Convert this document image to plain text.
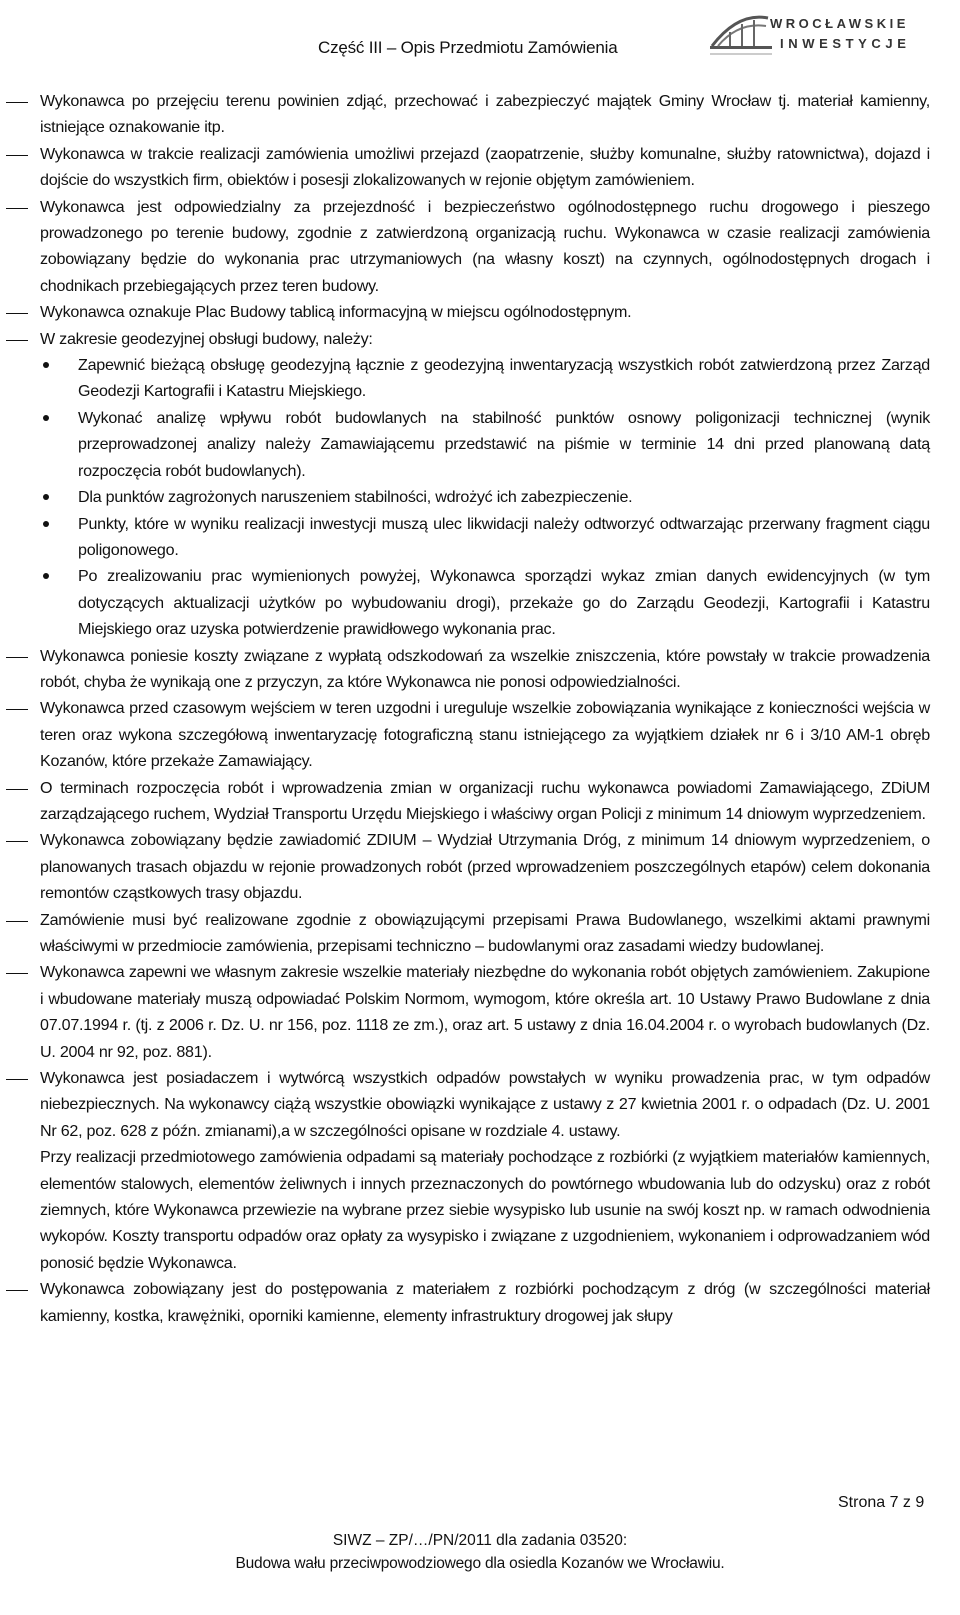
Część III – Opis Przedmiotu Zamówienia
WROCŁAWSKIE
INWESTYCJE
Wykonawca po przejęciu terenu powinien zdjąć, przechować i zabezpieczyć majątek Gminy Wrocław tj. materiał kamienny, istniejące oznakowanie itp.
Wykonawca w trakcie realizacji zamówienia umożliwi przejazd (zaopatrzenie, służby komunalne, służby ratownictwa), dojazd i dojście do wszystkich firm, obiektów i posesji zlokalizowanych w rejonie objętym zamówieniem.
Wykonawca jest odpowiedzialny za przejezdność i bezpieczeństwo ogólnodostępnego ruchu drogowego i pieszego prowadzonego po terenie budowy, zgodnie z zatwierdzoną organizacją ruchu. Wykonawca w czasie realizacji zamówienia zobowiązany będzie do wykonania prac utrzymaniowych (na własny koszt) na czynnych, ogólnodostępnych drogach i chodnikach przebiegających przez teren budowy.
Wykonawca oznakuje Plac Budowy tablicą informacyjną w miejscu ogólnodostępnym.
W zakresie geodezyjnej obsługi budowy, należy:
Zapewnić bieżącą obsługę geodezyjną łącznie z geodezyjną inwentaryzacją wszystkich robót zatwierdzoną przez Zarząd Geodezji Kartografii i Katastru Miejskiego.
Wykonać analizę wpływu robót budowlanych na stabilność punktów osnowy poligonizacji technicznej (wynik przeprowadzonej analizy należy Zamawiającemu przedstawić na piśmie w terminie 14 dni przed planowaną datą rozpoczęcia robót budowlanych).
Dla punktów zagrożonych naruszeniem stabilności, wdrożyć ich zabezpieczenie.
Punkty, które w wyniku realizacji inwestycji muszą ulec likwidacji należy odtworzyć odtwarzając przerwany fragment ciągu poligonowego.
Po zrealizowaniu prac wymienionych powyżej, Wykonawca sporządzi wykaz zmian danych ewidencyjnych (w tym dotyczących aktualizacji użytków po wybudowaniu drogi), przekaże go do Zarządu Geodezji, Kartografii i Katastru Miejskiego oraz uzyska potwierdzenie prawidłowego wykonania prac.
Wykonawca poniesie koszty związane z wypłatą odszkodowań za wszelkie zniszczenia, które powstały w trakcie prowadzenia robót, chyba że wynikają one z przyczyn, za które Wykonawca nie ponosi odpowiedzialności.
Wykonawca przed czasowym wejściem w teren uzgodni i ureguluje wszelkie zobowiązania wynikające z konieczności wejścia w teren oraz wykona szczegółową inwentaryzację fotograficzną stanu istniejącego za wyjątkiem działek nr 6 i 3/10 AM-1 obręb Kozanów, które przekaże Zamawiający.
O terminach rozpoczęcia robót i wprowadzenia zmian w organizacji ruchu wykonawca powiadomi Zamawiającego, ZDiUM zarządzającego ruchem, Wydział Transportu Urzędu Miejskiego i właściwy organ Policji z minimum 14 dniowym wyprzedzeniem.
Wykonawca zobowiązany będzie zawiadomić ZDIUM – Wydział Utrzymania Dróg, z minimum 14 dniowym wyprzedzeniem, o planowanych trasach objazdu w rejonie prowadzonych robót (przed wprowadzeniem poszczególnych etapów) celem dokonania remontów cząstkowych trasy objazdu.
Zamówienie musi być realizowane zgodnie z obowiązującymi przepisami Prawa Budowlanego, wszelkimi aktami prawnymi właściwymi w przedmiocie zamówienia, przepisami techniczno – budowlanymi oraz zasadami wiedzy budowlanej.
Wykonawca zapewni we własnym zakresie wszelkie materiały niezbędne do wykonania robót objętych zamówieniem. Zakupione i wbudowane materiały muszą odpowiadać Polskim Normom, wymogom, które określa art. 10 Ustawy Prawo Budowlane z dnia 07.07.1994 r. (tj. z 2006 r. Dz. U. nr 156, poz. 1118 ze zm.), oraz art. 5 ustawy z dnia 16.04.2004 r. o wyrobach budowlanych (Dz. U. 2004 nr 92, poz. 881).
Wykonawca jest posiadaczem i wytwórcą wszystkich odpadów powstałych w wyniku prowadzenia prac, w tym odpadów niebezpiecznych. Na wykonawcy ciążą wszystkie obowiązki wynikające z ustawy z 27 kwietnia 2001 r. o odpadach (Dz. U. 2001 Nr 62, poz. 628 z późn. zmianami),a w szczególności opisane w rozdziale 4. ustawy.
Przy realizacji przedmiotowego zamówienia odpadami są materiały pochodzące z rozbiórki (z wyjątkiem materiałów kamiennych, elementów stalowych, elementów żeliwnych i innych przeznaczonych do powtórnego wbudowania lub do odzysku) oraz z robót ziemnych, które Wykonawca przewiezie na wybrane przez siebie wysypisko lub usunie na swój koszt np. w ramach odwodnienia wykopów. Koszty transportu odpadów oraz opłaty za wysypisko i związane z uzgodnieniem, wykonaniem i odprowadzaniem wód ponosić będzie Wykonawca.
Wykonawca zobowiązany jest do postępowania z materiałem z rozbiórki pochodzącym z dróg (w szczególności materiał kamienny, kostka, krawężniki, oporniki kamienne, elementy infrastruktury drogowej jak słupy
Strona 7 z 9
SIWZ – ZP/…/PN/2011 dla zadania 03520:
Budowa wału przeciwpowodziowego dla osiedla Kozanów we Wrocławiu.
